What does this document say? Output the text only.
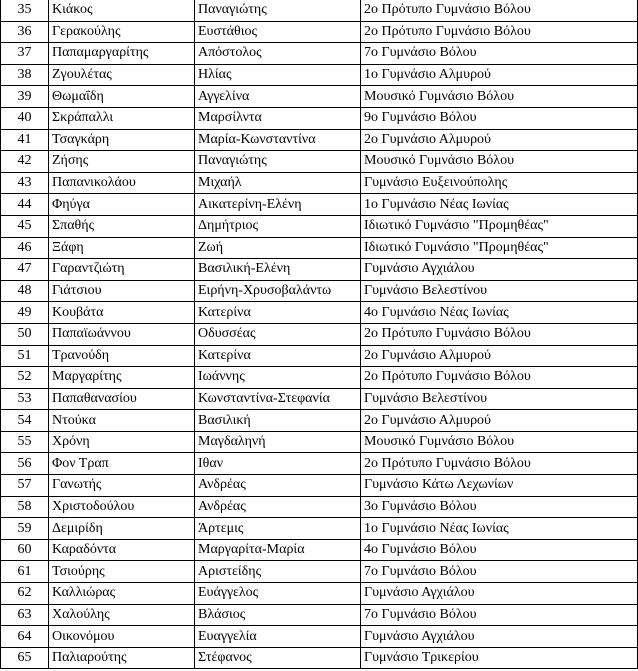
35	Κιάκος	Παναγιώτης	2ο Πρότυπο Γυμνάσιο Βόλου
36	Γερακούλης	Ευστάθιος	2ο Πρότυπο Γυμνάσιο Βόλου
37	Παπαμαργαρίτης	Απόστολος	7ο Γυμνάσιο Βόλου
38	Ζγουλέτας	Ηλίας	1ο Γυμνάσιο Αλμυρού
39	Θωμαΐδη	Αγγελίνα	Μουσικό Γυμνάσιο Βόλου
40	Σκράπαλλι	Μαρσίλντα	9ο Γυμνάσιο Βόλου
41	Τσαγκάρη	Μαρία-Κωνσταντίνα	2ο Γυμνάσιο Αλμυρού
42	Ζήσης	Παναγιώτης	Μουσικό Γυμνάσιο Βόλου
43	Παπανικολάου	Μιχαήλ	Γυμνάσιο Ευξεινούπολης
44	Φηύγα	Αικατερίνη-Ελένη	1ο Γυμνάσιο Νέας Ιωνίας
45	Σπαθής	Δημήτριος	Ιδιωτικό Γυμνάσιο "Προμηθέας"
46	Ξάφη	Ζωή	Ιδιωτικό Γυμνάσιο "Προμηθέας"
47	Γαραντζιώτη	Βασιλική-Ελένη	Γυμνάσιο Αγχιάλου
48	Γιάτσιου	Ειρήνη-Χρυσοβαλάντω	Γυμνάσιο Βελεστίνου
49	Κουβάτα	Κατερίνα	4ο Γυμνάσιο Νέας Ιωνίας
50	Παπαϊωάννου	Οδυσσέας	2ο Πρότυπο Γυμνάσιο Βόλου
51	Τρανούδη	Κατερίνα	2ο Γυμνάσιο Αλμυρού
52	Μαργαρίτης	Ιωάννης	2ο Πρότυπο Γυμνάσιο Βόλου
53	Παπαθανασίου	Κωνσταντίνα-Στεφανία	Γυμνάσιο Βελεστίνου
54	Ντούκα	Βασιλική	2ο Γυμνάσιο Αλμυρού
55	Χρόνη	Μαγδαληνή	Μουσικό Γυμνάσιο Βόλου
56	Φον Τραπ	Ιθαν	2ο Πρότυπο Γυμνάσιο Βόλου
57	Γανωτής	Ανδρέας	Γυμνάσιο Κάτω Λεχωνίων
58	Χριστοδούλου	Ανδρέας	3ο Γυμνάσιο Βόλου
59	Δεμιρίδη	Άρτεμις	1ο Γυμνάσιο Νέας Ιωνίας
60	Καραδόντα	Μαργαρίτα-Μαρία	4ο Γυμνάσιο Βόλου
61	Τσιούρης	Αριστείδης	7ο Γυμνάσιο Βόλου
62	Καλλιώρας	Ευάγγελος	Γυμνάσιο Αγχιάλου
63	Χαλούλης	Βλάσιος	7ο Γυμνάσιο Βόλου
64	Οικονόμου	Ευαγγελία	Γυμνάσιο Αγχιάλου
65	Παλιαρούτης	Στέφανος	Γυμνάσιο Τρικερίου
